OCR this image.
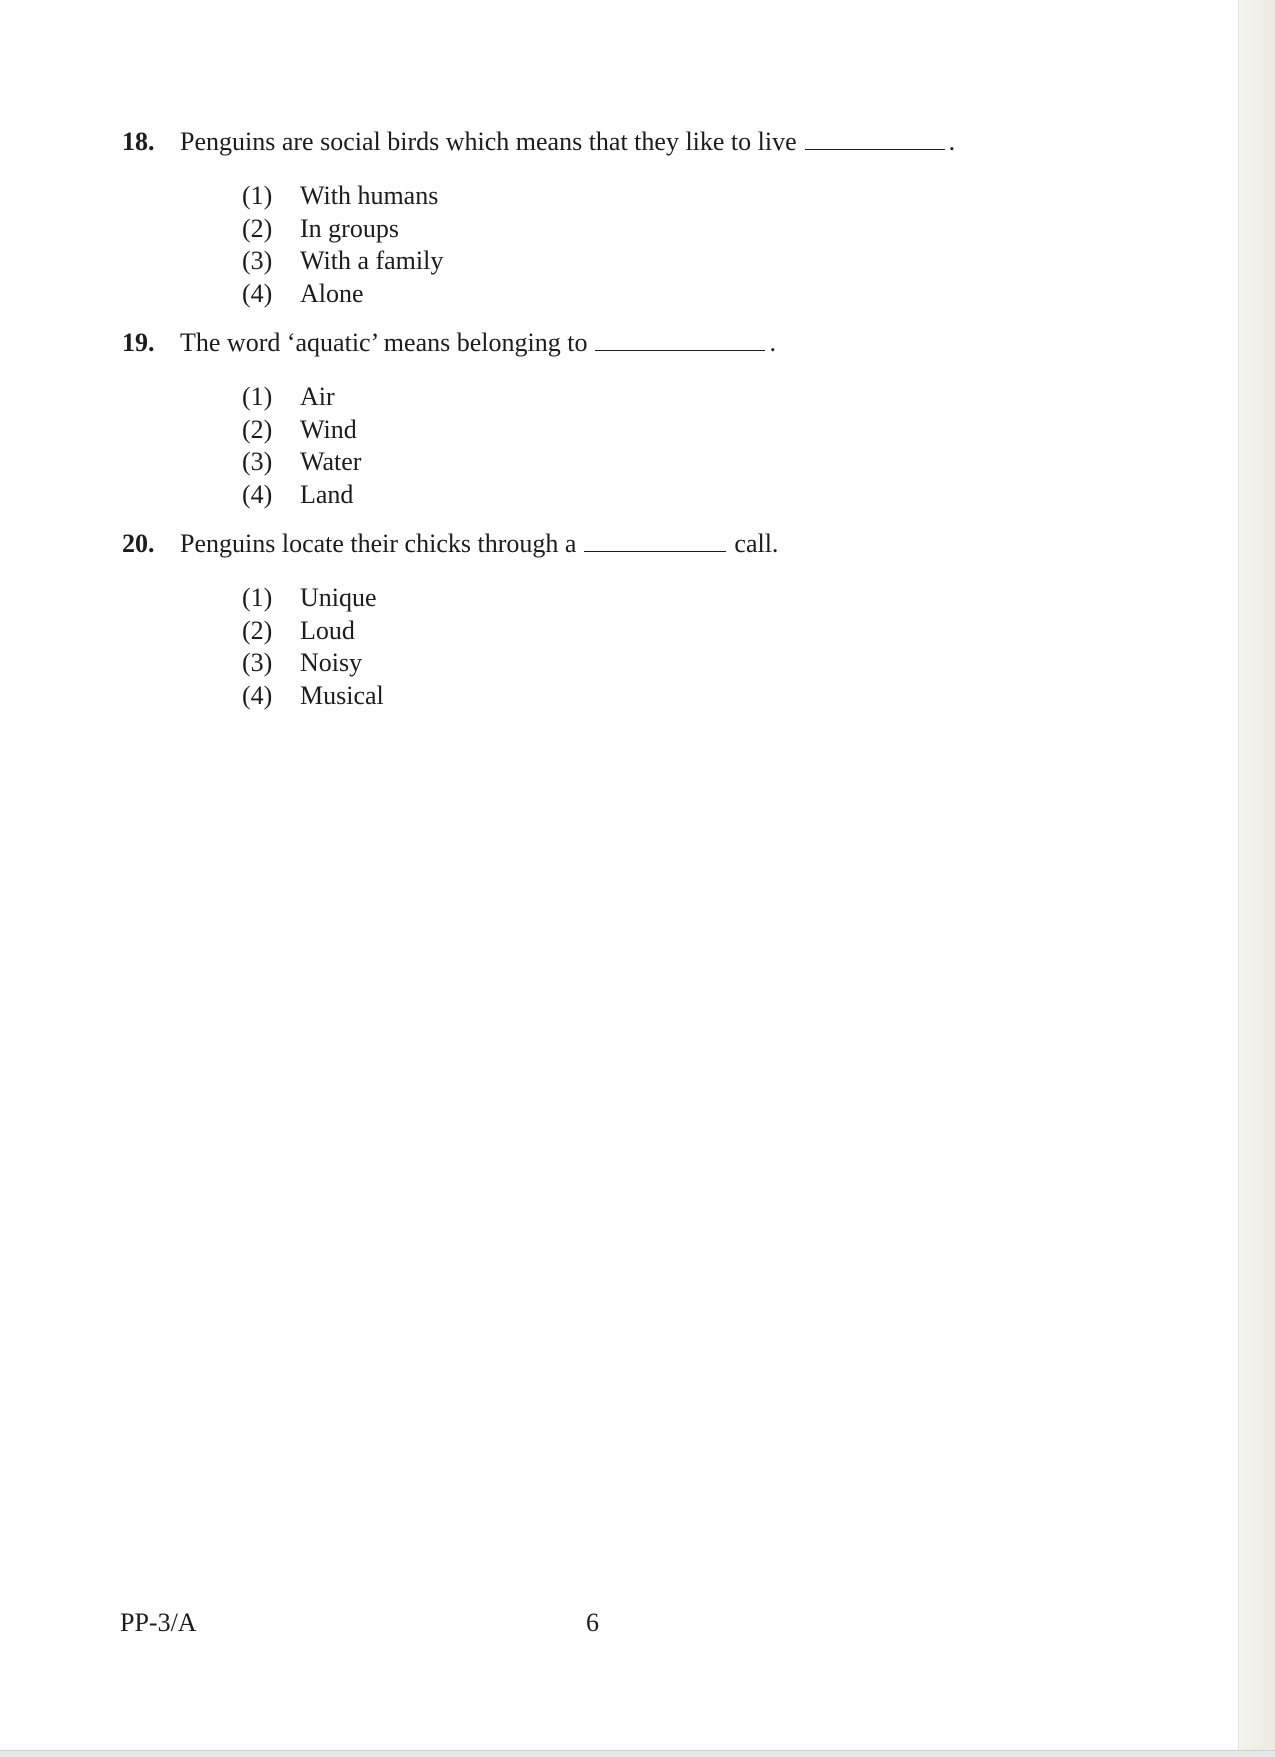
18. Penguins are social birds which means that they like to live	.
(1)	With humans
(2)	In groups
(3)	With a family
(4)	Alone
19. The word ‘aquatic’ means belonging to	.
(1)	Air
(2)	Wind
(3)	Water
(4)	Land
20. Penguins locate their chicks through a	call.
(1)	Unique
(2)	Loud
(3)	Noisy
(4)	Musical
PP-3/A	6
